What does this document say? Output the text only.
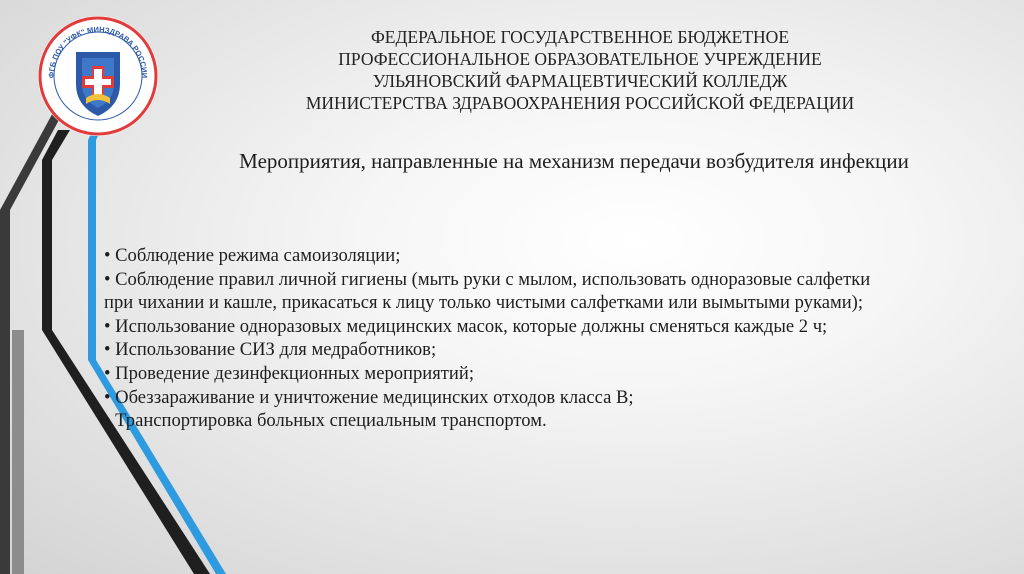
ФГБ ПОУ "УФК" МИНЗДРАВА РОССИИ
ФЕДЕРАЛЬНОЕ ГОСУДАРСТВЕННОЕ БЮДЖЕТНОЕ
ПРОФЕССИОНАЛЬНОЕ ОБРАЗОВАТЕЛЬНОЕ УЧРЕЖДЕНИЕ
УЛЬЯНОВСКИЙ ФАРМАЦЕВТИЧЕСКИЙ КОЛЛЕДЖ
МИНИСТЕРСТВА ЗДРАВООХРАНЕНИЯ РОССИЙСКОЙ ФЕДЕРАЦИИ
Мероприятия, направленные на механизм передачи возбудителя инфекции
• Соблюдение режима самоизоляции;
• Соблюдение правил личной гигиены (мыть руки с мылом, использовать одноразовые салфетки
при чихании и кашле, прикасаться к лицу только чистыми салфетками или вымытыми руками);
• Использование одноразовых медицинских масок, которые должны сменяться каждые 2 ч;
• Использование СИЗ для медработников;
• Проведение дезинфекционных мероприятий;
• Обеззараживание и уничтожение медицинских отходов класса В;
• Транспортировка больных специальным транспортом.
